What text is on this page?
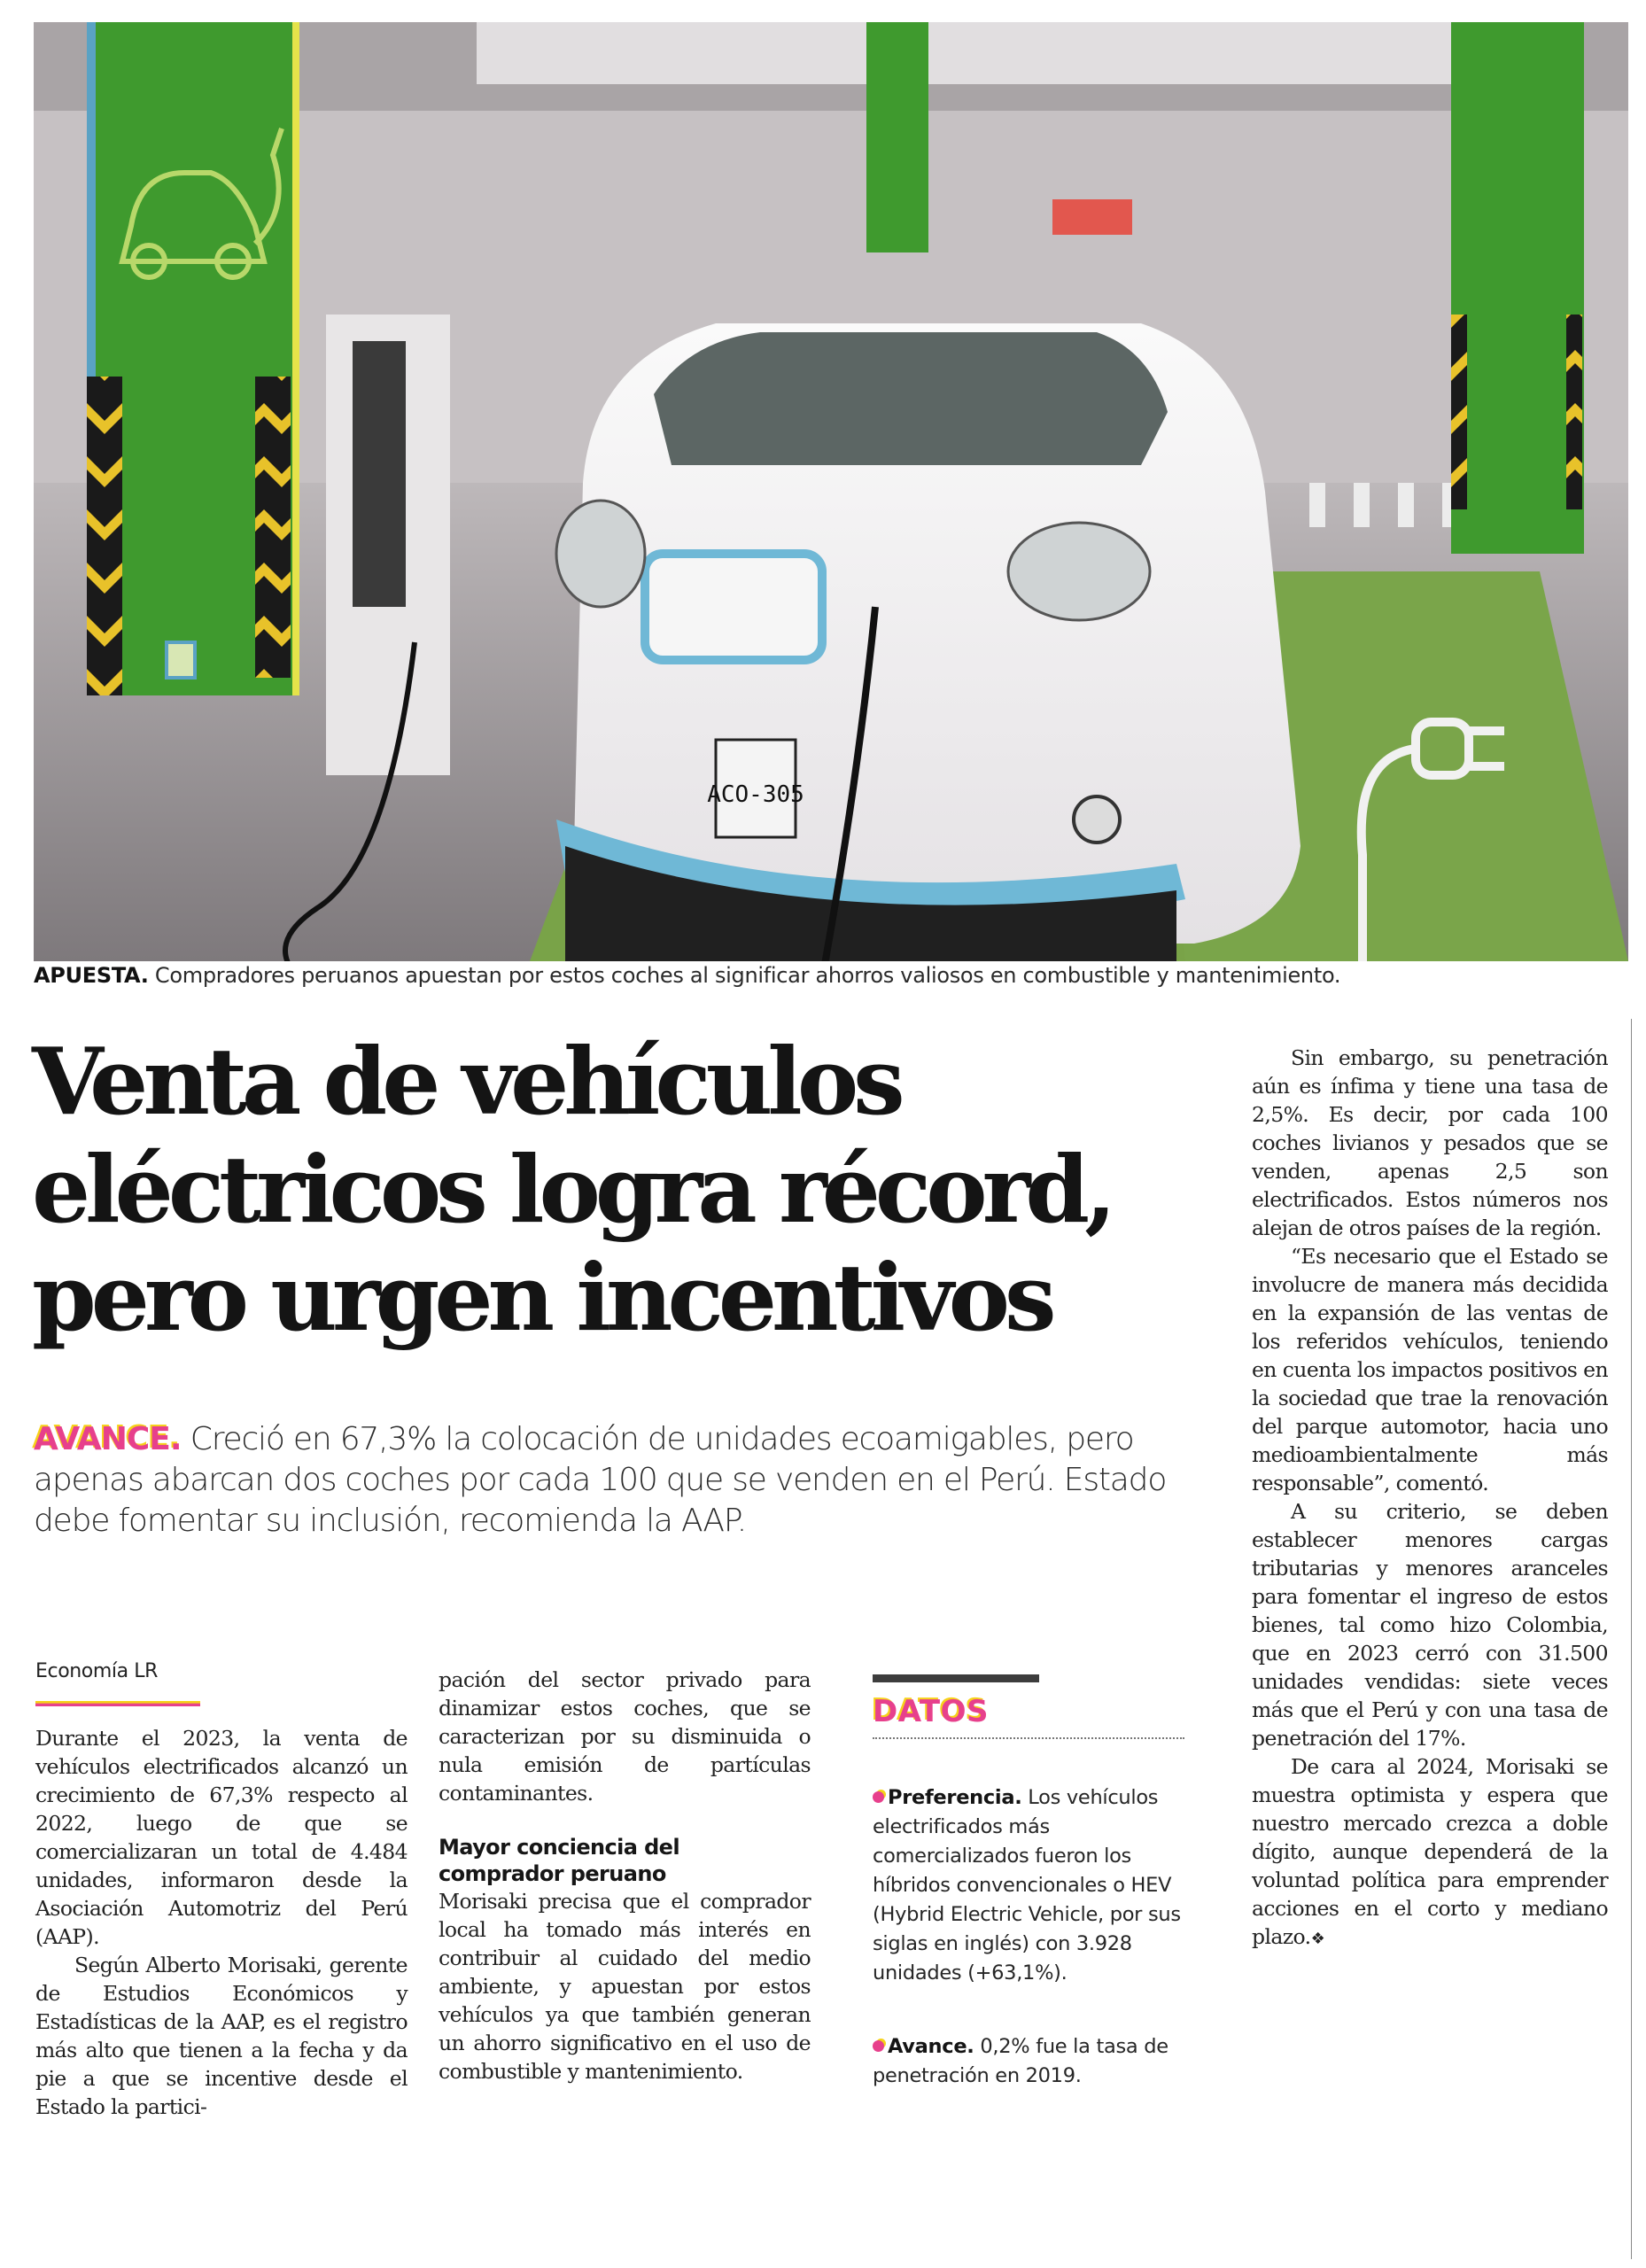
ACO-305
APUESTA. Compradores peruanos apuestan por estos coches al significar ahorros valiosos en combustible y mantenimiento.
Venta de vehículos
eléctricos logra récord,
pero urgen incentivos
AVANCE. Creció en 67,3% la colocación de unidades ecoamigables, pero apenas abarcan dos coches por cada 100 que se venden en el Perú. Estado debe fomentar su inclusión, recomienda la AAP.
Economía LR

Durante el 2023, la venta de vehículos electrificados alcanzó un crecimiento de 67,3% respecto al 2022, luego de que se comercializaran un total de 4.484 unidades, informaron desde la Asociación Automotriz del Perú (AAP).

Según Alberto Morisaki, gerente de Estudios Económicos y Estadísticas de la AAP, es el registro más alto que tienen a la fecha y da pie a que se incentive desde el Estado la partici-

pación del sector privado para dinamizar estos coches, que se caracterizan por su disminuida o nula emisión de partículas contaminantes.

Mayor conciencia del comprador peruano

Morisaki precisa que el comprador local ha tomado más interés en contribuir al cuidado del medio ambiente, y apuestan por estos vehículos ya que también generan un ahorro significativo en el uso de combustible y mantenimiento.

DATOS
Preferencia. Los vehículos electrificados más comercializados fueron los híbridos convencionales o HEV (Hybrid Electric Vehicle, por sus siglas en inglés) con 3.928 unidades (+63,1%).
Avance. 0,2% fue la tasa de penetración en 2019.

Sin embargo, su penetración aún es ínfima y tiene una tasa de 2,5%. Es decir, por cada 100 coches livianos y pesados que se venden, apenas 2,5 son electrificados. Estos números nos alejan de otros países de la región.

“Es necesario que el Estado se involucre de manera más decidida en la expansión de las ventas de los referidos vehículos, teniendo en cuenta los impactos positivos en la sociedad que trae la renovación del parque automotor, hacia uno medioambientalmente más responsable”, comentó.

A su criterio, se deben establecer menores cargas tributarias y menores aranceles para fomentar el ingreso de estos bienes, tal como hizo Colombia, que en 2023 cerró con 31.500 unidades vendidas: siete veces más que el Perú y con una tasa de penetración del 17%.

De cara al 2024, Morisaki se muestra optimista y espera que nuestro mercado crezca a doble dígito, aunque dependerá de la voluntad política para emprender acciones en el corto y mediano plazo.❖
